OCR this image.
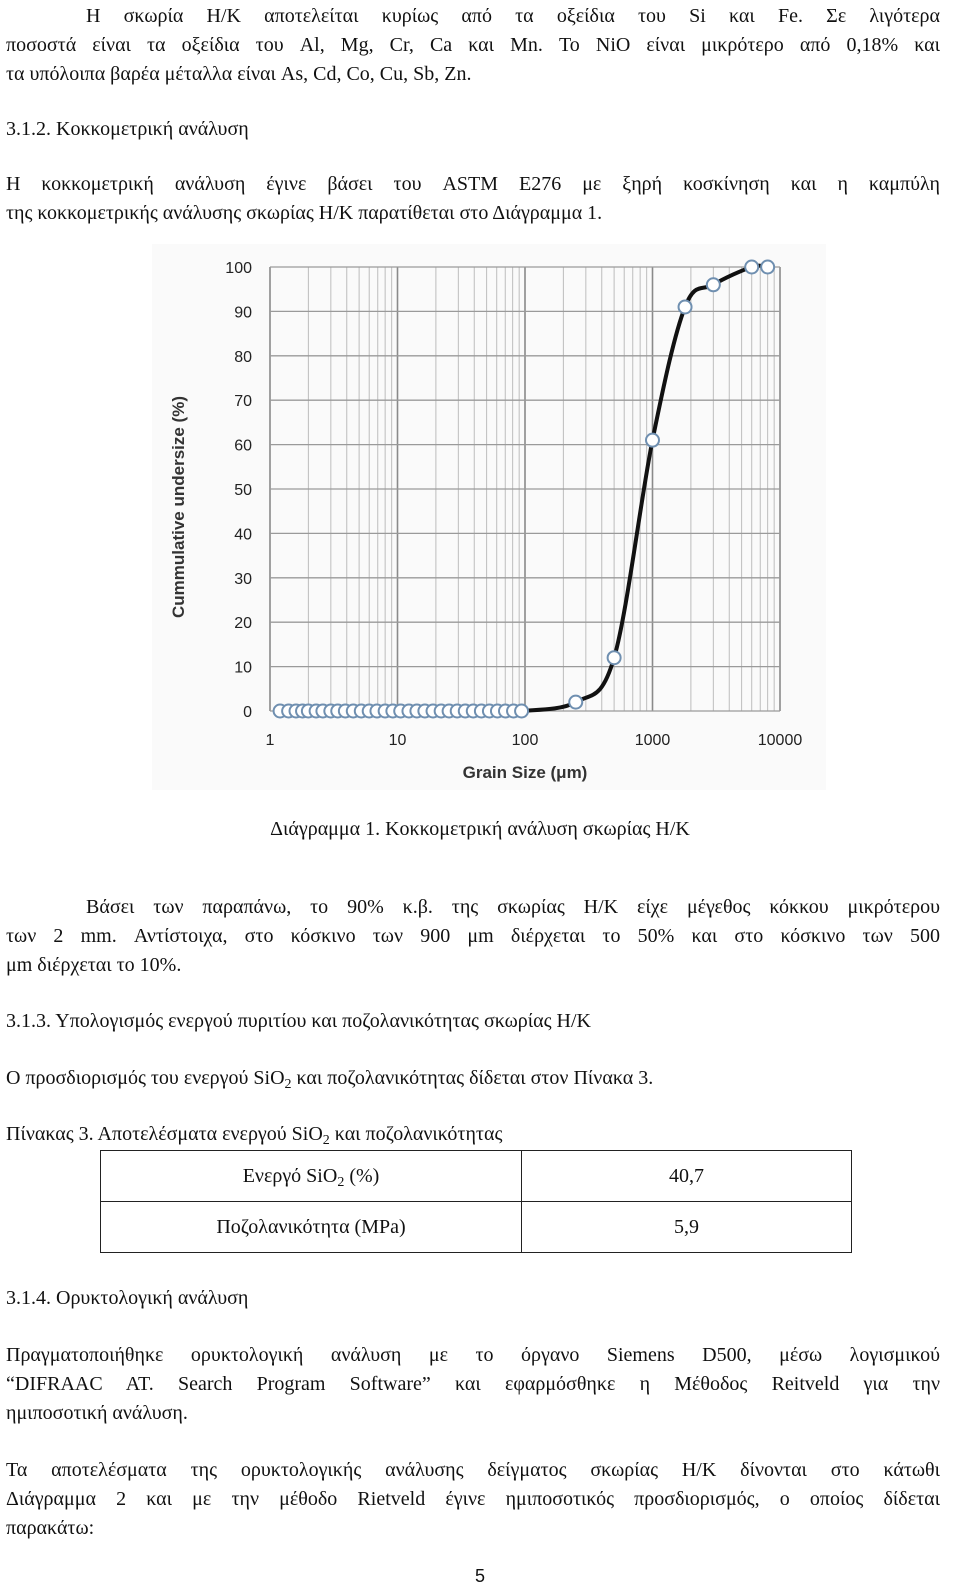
Η σκωρία Η/Κ αποτελείται κυρίως από τα οξείδια του Si και Fe. Σε λιγότερα
ποσοστά είναι τα οξείδια του Al, Mg, Cr, Ca και Mn. Το NiO είναι μικρότερο από 0,18% και
τα υπόλοιπα βαρέα μέταλλα είναι As, Cd, Co, Cu, Sb, Zn.

3.1.2. Κοκκομετρική ανάλυση

Η κοκκομετρική ανάλυση έγινε βάσει του ASTM E276 με ξηρή κοσκίνηση και η καμπύλη
της κοκκομετρικής ανάλυσης σκωρίας Η/Κ παρατίθεται στο Διάγραμμα 1.

0
10
20
30
40
50
60
70
80
90
100
1	10	100	1000	10000
Cummulative undersize (%)
Grain Size (μm)

Διάγραμμα 1. Κοκκομετρική ανάλυση σκωρίας Η/Κ

Βάσει των παραπάνω, το 90% κ.β. της σκωρίας Η/Κ είχε μέγεθος κόκκου μικρότερου
των 2 mm. Αντίστοιχα, στο κόσκινο των 900 μm διέρχεται το 50% και στο κόσκινο των 500
μm διέρχεται το 10%.

3.1.3. Υπολογισμός ενεργού πυριτίου και ποζολανικότητας σκωρίας Η/Κ

Ο προσδιορισμός του ενεργού SiO$_2$ και ποζολανικότητας δίδεται στον Πίνακα 3.

Πίνακας 3. Αποτελέσματα ενεργού SiO$_2$ και ποζολανικότητας

Ενεργό SiO$_2$ (%)	40,7
Ποζολανικότητα (MPa)	5,9

3.1.4. Ορυκτολογική ανάλυση

Πραγματοποιήθηκε ορυκτολογική ανάλυση με το όργανο Siemens D500, μέσω λογισμικού
“DIFRAAC AT. Search Program Software” και εφαρμόσθηκε η Μέθοδος Reitveld για την
ημιποσοτική ανάλυση.

Τα αποτελέσματα της ορυκτολογικής ανάλυσης δείγματος σκωρίας Η/Κ δίνονται στο κάτωθι
Διάγραμμα 2 και με την μέθοδο Rietveld έγινε ημιποσοτικός προσδιορισμός, ο οποίος δίδεται
παρακάτω:

5
